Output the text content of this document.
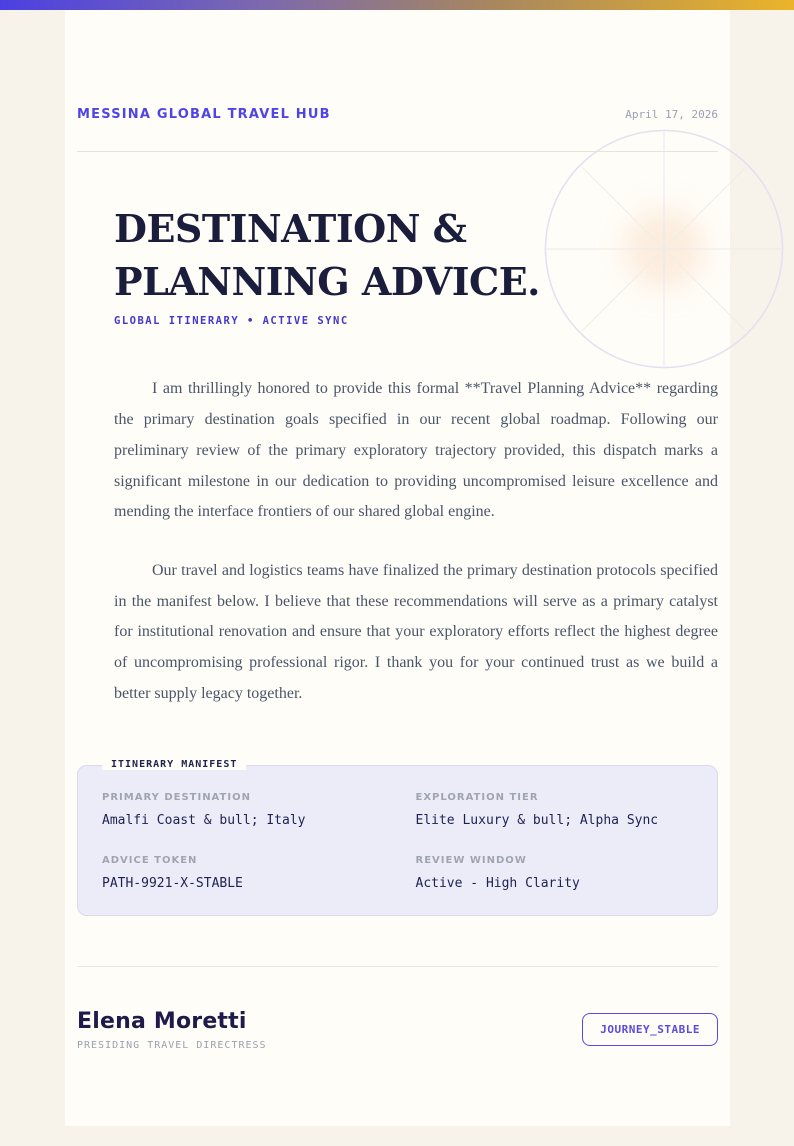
MESSINA GLOBAL TRAVEL HUB	April 17, 2026
DESTINATION &
PLANNING ADVICE.
GLOBAL ITINERARY • ACTIVE SYNC

I am thrillingly honored to provide this formal **Travel Planning Advice** regarding the primary destination goals specified in our recent global roadmap. Following our preliminary review of the primary exploratory trajectory provided, this dispatch marks a significant milestone in our dedication to providing uncompromised leisure excellence and mending the interface frontiers of our shared global engine.

Our travel and logistics teams have finalized the primary destination protocols specified in the manifest below. I believe that these recommendations will serve as a primary catalyst for institutional renovation and ensure that your exploratory efforts reflect the highest degree of uncompromising professional rigor. I thank you for your continued trust as we build a better supply legacy together.

ITINERARY MANIFEST
PRIMARY DESTINATION
Amalfi Coast & bull; Italy
EXPLORATION TIER
Elite Luxury & bull; Alpha Sync
ADVICE TOKEN
PATH-9921-X-STABLE
REVIEW WINDOW
Active - High Clarity
Elena Moretti
PRESIDING TRAVEL DIRECTRESS
JOURNEY_STABLE
